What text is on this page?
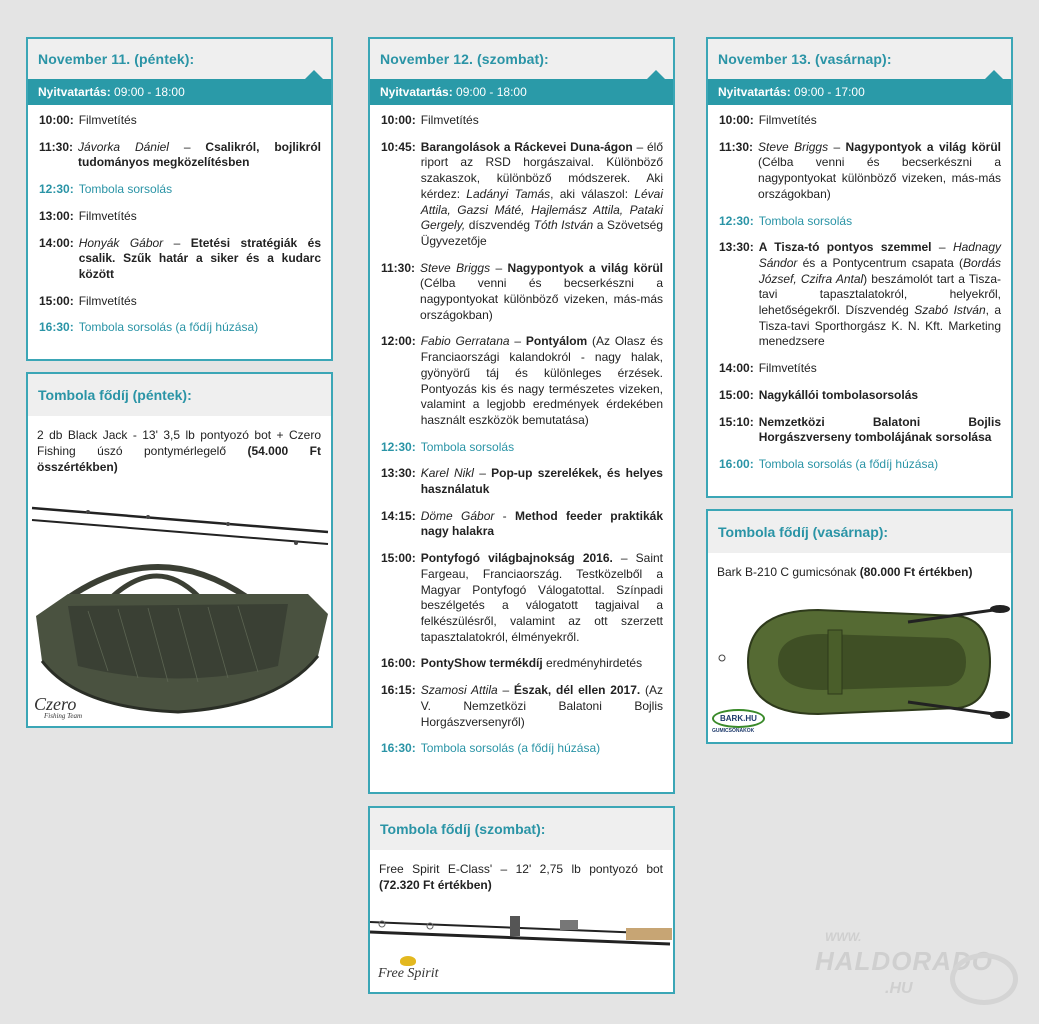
November 11. (péntek):
Nyitvatartás: 09:00 - 18:00
10:00: Filmvetítés
11:30: Jávorka Dániel – Csalikról, bojlikról tudományos megközelítésben
12:30: Tombola sorsolás
13:00: Filmvetítés
14:00: Honyák Gábor – Etetési stratégiák és csalik. Szűk határ a siker és a kudarc között
15:00: Filmvetítés
16:30: Tombola sorsolás (a fődíj húzása)
November 12. (szombat):
Nyitvatartás: 09:00 - 18:00
10:00: Filmvetítés
10:45: Barangolások a Ráckevei Duna-ágon – élő riport az RSD horgászaival. Különböző szakaszok, különböző módszerek. Aki kérdez: Ladányi Tamás, aki válaszol: Lévai Attila, Gazsi Máté, Hajlemász Attila, Pataki Gergely, díszvendég Tóth István a Szövetség Ügyvezetője
11:30: Steve Briggs – Nagypontyok a világ körül (Célba venni és becserkészni a nagypontyokat különböző vizeken, más-más országokban)
12:00: Fabio Gerratana – Pontyálom (Az Olasz és Franciaországi kalandokról - nagy halak, gyönyörű táj és különleges érzések. Pontyozás kis és nagy természetes vizeken, valamint a legjobb eredmények érdekében használt eszközök bemutatása)
12:30: Tombola sorsolás
13:30: Karel Nikl – Pop-up szerelékek, és helyes használatuk
14:15: Döme Gábor - Method feeder praktikák nagy halakra
15:00: Pontyfogó világbajnokság 2016. – Saint Fargeau, Franciaország. Testközelből a Magyar Pontyfogó Válogatottal. Színpadi beszélgetés a válogatott tagjaival a felkészülésről, valamint az ott szerzett tapasztalatokról, élményekről.
16:00: PontyShow termékdíj eredményhirdetés
16:15: Szamosi Attila – Észak, dél ellen 2017. (Az V. Nemzetközi Balatoni Bojlis Horgászversenyről)
16:30: Tombola sorsolás (a fődíj húzása)
November 13. (vasárnap):
Nyitvatartás: 09:00 - 17:00
10:00: Filmvetítés
11:30: Steve Briggs – Nagypontyok a világ körül (Célba venni és becserkészni a nagypontyokat különböző vizeken, más-más országokban)
12:30: Tombola sorsolás
13:30: A Tisza-tó pontyos szemmel – Hadnagy Sándor és a Pontycentrum csapata (Bordás József, Czifra Antal) beszámolót tart a Tisza-tavi tapasztalatokról, helyekről, lehetőségekről. Díszvendég Szabó István, a Tisza-tavi Sporthorgász K. N. Kft. Marketing menedzsere
14:00: Filmvetítés
15:00: Nagykállói tombolasorsolás
15:10: Nemzetközi Balatoni Bojlis Horgászverseny tombolájának sorsolása
16:00: Tombola sorsolás (a fődíj húzása)
Tombola fődíj (péntek):
2 db Black Jack - 13' 3,5 lb pontyozó bot + Czero Fishing úszó pontymérlegelő (54.000 Ft összértékben)
Czero
Fishing Team
Tombola fődíj (szombat):
Free Spirit E-Class' – 12' 2,75 lb pontyozó bot (72.320 Ft értékben)
Free Spirit
Tombola fődíj (vasárnap):
Bark B-210 C gumicsónak (80.000 Ft értékben)
BARK.HU
GUMICSÓNAKOK
WWW.
HALDORADO
.HU
